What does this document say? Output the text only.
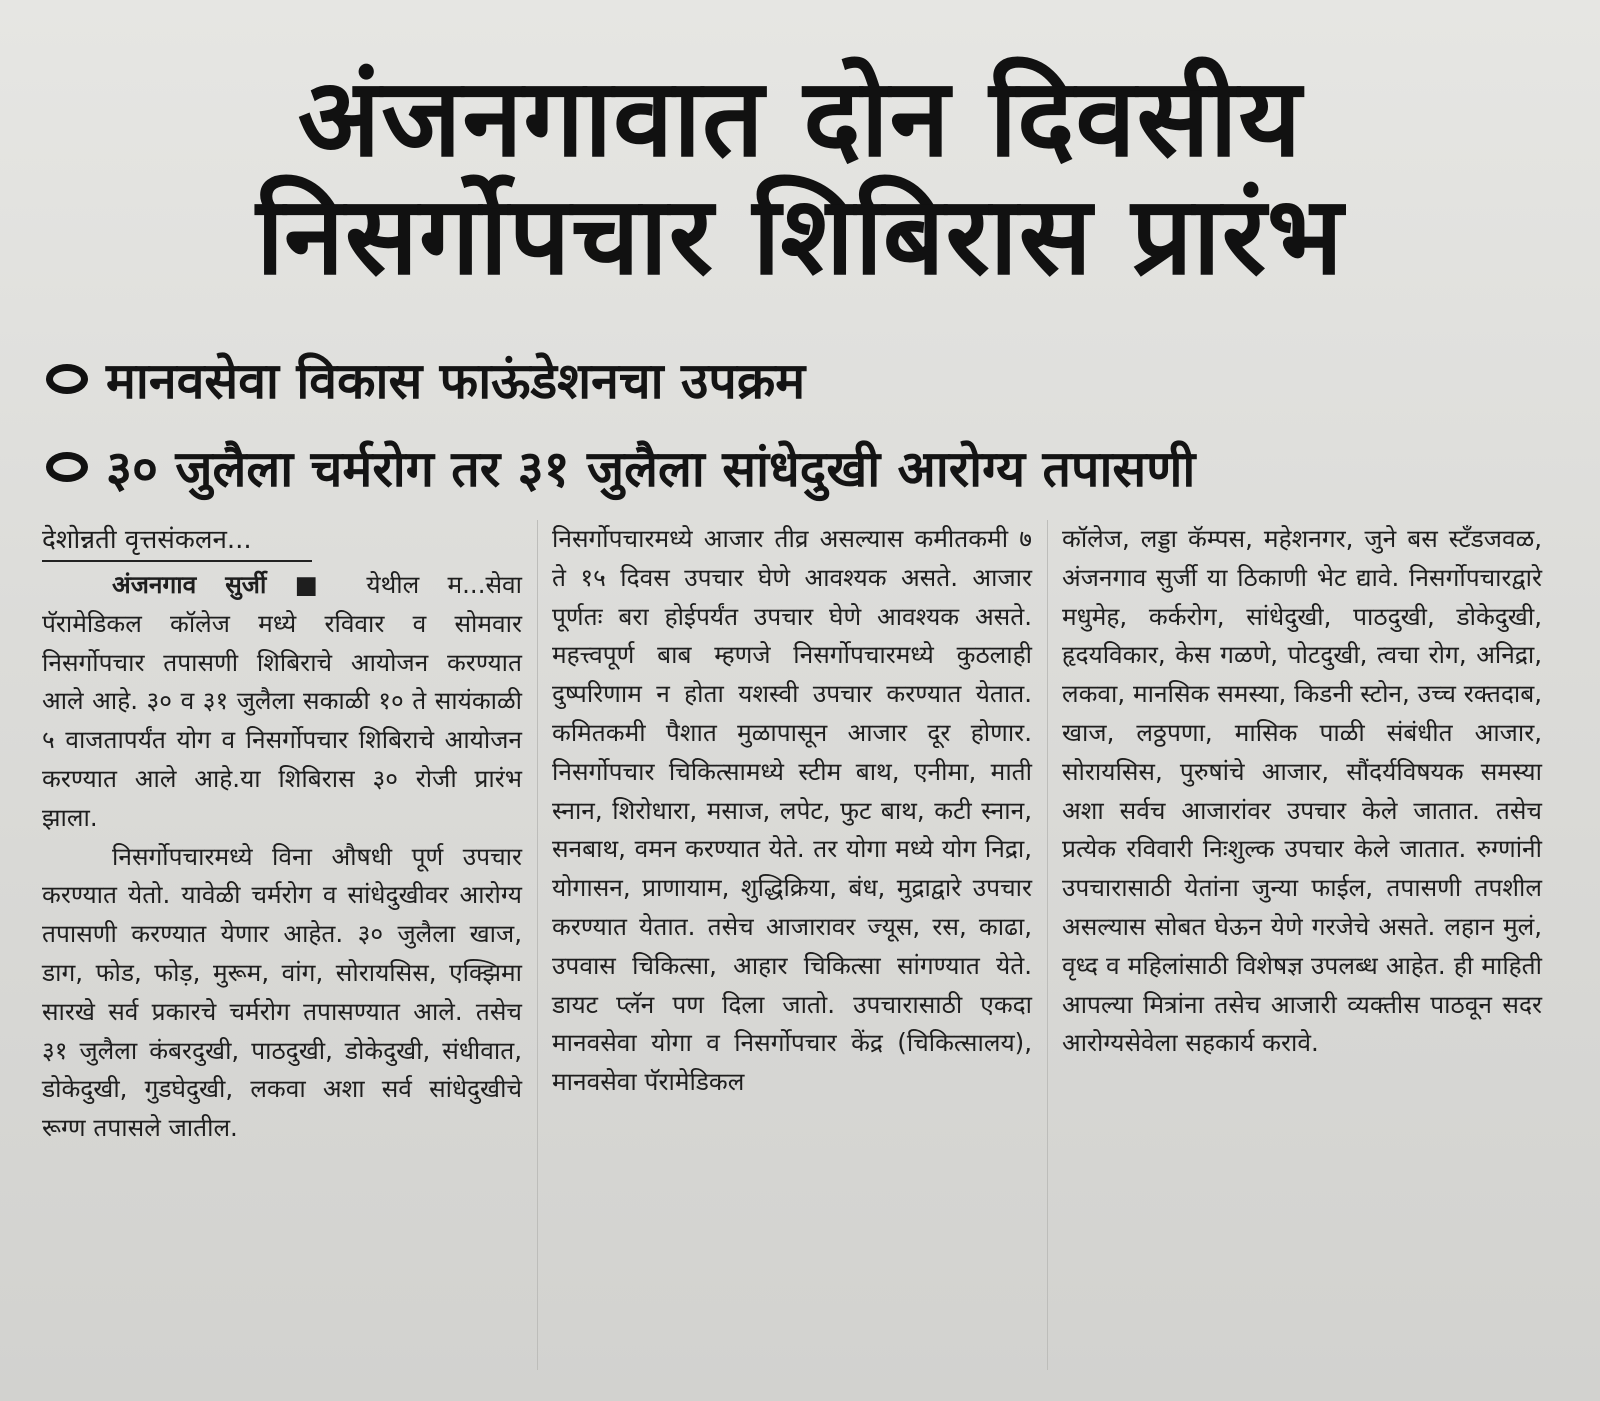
अंजनगावात दोन दिवसीय
निसर्गोपचार शिबिरास प्रारंभ
मानवसेवा विकास फाऊंडेशनचा उपक्रम
३० जुलैला चर्मरोग तर ३१ जुलैला सांधेदुखी आरोग्य तपासणी
देशोन्नती वृत्तसंकलन...

अंजनगाव सुर्जी ■ येथील म...सेवा पॅरामेडिकल कॉलेज मध्ये रविवार व सोमवार निसर्गोपचार तपासणी शिबिराचे आयोजन करण्यात आले आहे. ३० व ३१ जुलैला सकाळी १० ते सायंकाळी ५ वाजतापर्यंत योग व निसर्गोपचार शिबिराचे आयोजन करण्यात आले आहे.या शिबिरास ३० रोजी प्रारंभ झाला.

निसर्गोपचारमध्ये विना औषधी पूर्ण उपचार करण्यात येतो. यावेळी चर्मरोग व सांधेदुखीवर आरोग्य तपासणी करण्यात येणार आहेत. ३० जुलैला खाज, डाग, फोड, फोड़, मुरूम, वांग, सोरायसिस, एक्झिमा सारखे सर्व प्रकारचे चर्मरोग तपासण्यात आले. तसेच ३१ जुलैला कंबरदुखी, पाठदुखी, डोकेदुखी, संधीवात, डोकेदुखी, गुडघेदुखी, लकवा अशा सर्व सांधेदुखीचे रूग्ण तपासले जातील.

निसर्गोपचारमध्ये आजार तीव्र असल्यास कमीतकमी ७ ते १५ दिवस उपचार घेणे आवश्यक असते. आजार पूर्णतः बरा होईपर्यंत उपचार घेणे आवश्यक असते. महत्त्वपूर्ण बाब म्हणजे निसर्गोपचारमध्ये कुठलाही दुष्परिणाम न होता यशस्वी उपचार करण्यात येतात. कमितकमी पैशात मुळापासून आजार दूर होणार. निसर्गोपचार चिकित्सामध्ये स्टीम बाथ, एनीमा, माती स्नान, शिरोधारा, मसाज, लपेट, फुट बाथ, कटी स्नान, सनबाथ, वमन करण्यात येते. तर योगा मध्ये योग निद्रा, योगासन, प्राणायाम, शुद्धिक्रिया, बंध, मुद्राद्वारे उपचार करण्यात येतात. तसेच आजारावर ज्यूस, रस, काढा, उपवास चिकित्सा, आहार चिकित्सा सांगण्यात येते. डायट प्लॅन पण दिला जातो. उपचारासाठी एकदा मानवसेवा योगा व निसर्गोपचार केंद्र (चिकित्सालय), मानवसेवा पॅरामेडिकल

कॉलेज, लड्डा कॅम्पस, महेशनगर, जुने बस स्टॅंडजवळ, अंजनगाव सुर्जी या ठिकाणी भेट द्यावे. निसर्गोपचारद्वारे मधुमेह, कर्करोग, सांधेदुखी, पाठदुखी, डोकेदुखी, हृदयविकार, केस गळणे, पोटदुखी, त्वचा रोग, अनिद्रा, लकवा, मानसिक समस्या, किडनी स्टोन, उच्च रक्तदाब, खाज, लठ्ठपणा, मासिक पाळी संबंधीत आजार, सोरायसिस, पुरुषांचे आजार, सौंदर्यविषयक समस्या अशा सर्वच आजारांवर उपचार केले जातात. तसेच प्रत्येक रविवारी निःशुल्क उपचार केले जातात. रुग्णांनी उपचारासाठी येतांना जुन्या फाईल, तपासणी तपशील असल्यास सोबत घेऊन येणे गरजेचे असते. लहान मुलं, वृध्द व महिलांसाठी विशेषज्ञ उपलब्ध आहेत. ही माहिती आपल्या मित्रांना तसेच आजारी व्यक्तीस पाठवून सदर आरोग्यसेवेला सहकार्य करावे.
